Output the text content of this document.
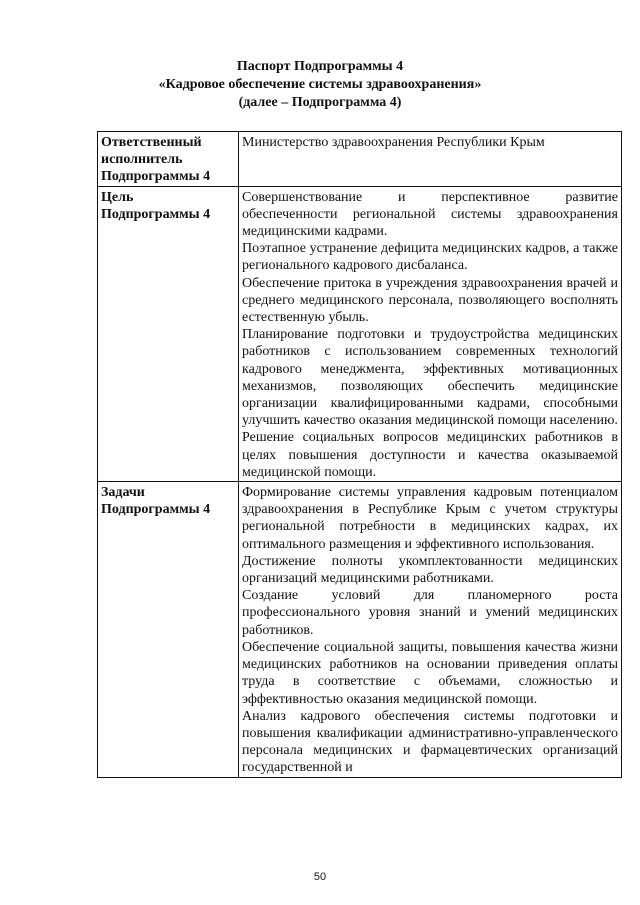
Паспорт Подпрограммы 4
«Кадровое обеспечение системы здравоохранения»
(далее – Подпрограмма 4)
Ответственный
исполнитель
Подпрограммы 4	Министерство здравоохранения Республики Крым

Цель
Подпрограммы 4	Совершенствование и перспективное развитие обеспеченности региональной системы здравоохранения медицинскими кадрами.
Поэтапное устранение дефицита медицинских кадров, а также регионального кадрового дисбаланса.
Обеспечение притока в учреждения здравоохранения врачей и среднего медицинского персонала, позволяющего восполнять естественную убыль.
Планирование подготовки и трудоустройства медицинских работников с использованием современных технологий кадрового менеджмента, эффективных мотивационных механизмов, позволяющих обеспечить медицинские организации квалифицированными кадрами, способными улучшить качество оказания медицинской помощи населению.
Решение социальных вопросов медицинских работников в целях повышения доступности и качества оказываемой медицинской помощи.

Задачи
Подпрограммы 4	Формирование системы управления кадровым потенциалом здравоохранения в Республике Крым с учетом структуры региональной потребности в медицинских кадрах, их оптимального размещения и эффективного использования.
Достижение полноты укомплектованности медицинских организаций медицинскими работниками.
Создание условий для планомерного роста профессионального уровня знаний и умений медицинских работников.
Обеспечение социальной защиты, повышения качества жизни медицинских работников на основании приведения оплаты труда в соответствие с объемами, сложностью и эффективностью оказания медицинской помощи.
Анализ кадрового обеспечения системы подготовки и повышения квалификации административно-управленческого персонала медицинских и фармацевтических организаций государственной и
50
